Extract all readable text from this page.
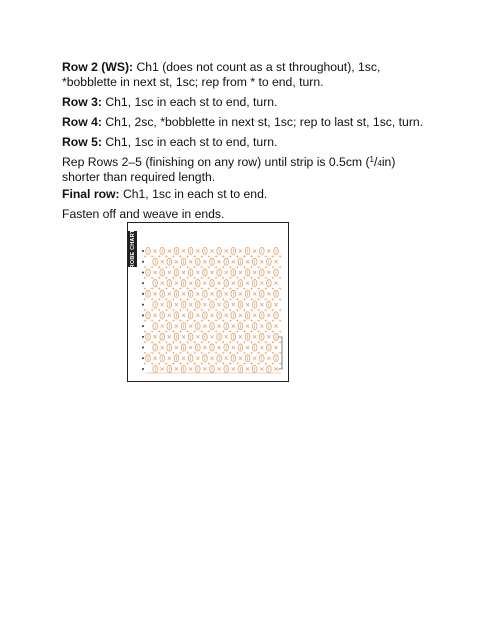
Row 2 (WS): Ch1 (does not count as a st throughout), 1sc, *bobblette in next st, 1sc; rep from * to end, turn.

Row 3: Ch1, 1sc in each st to end, turn.

Row 4: Ch1, 2sc, *bobblette in next st, 1sc; rep to last st, 1sc, turn.

Row 5: Ch1, 1sc in each st to end, turn.

Rep Rows 2–5 (finishing on any row) until strip is 0.5cm ($^1$/4in) shorter than required length.

Final row: Ch1, 1sc in each st to end.

Fasten off and weave in ends.

ROBE CHART
